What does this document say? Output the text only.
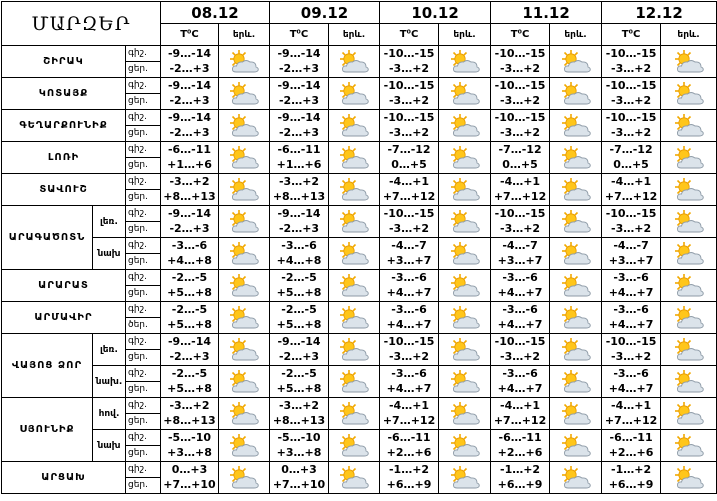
ՄԱՐԶԵՐ			08.12		09.12		10.12		11.12		12.12	
			T⁰C	երև.	T⁰C	երև.	T⁰C	երև.	T⁰C	երև.	T⁰C	երև.
ՇԻՐԱԿ		գիշ.	-9…-14		-9…-14		-10…-15		-10…-15		-10…-15	

		ցեր.	-2…+3		-2…+3		-3…+2		-3…+2		-3…+2	
ԿՈՏԱՅՔ		գիշ.	-9…-14		-9…-14		-10…-15		-10…-15		-10…-15	

		ցեր.	-2…+3		-2…+3		-3…+2		-3…+2		-3…+2	
ԳԵՂԱՐՔՈՒՆԻՔ		գիշ.	-9…-14		-9…-14		-10…-15		-10…-15		-10…-15	

		ցեր.	-2…+3		-2…+3		-3…+2		-3…+2		-3…+2	
ԼՈՌԻ		գիշ.	-6…-11		-6…-11		-7…-12		-7…-12		-7…-12	

		ցեր.	+1…+6		+1…+6		0…+5		0…+5		0…+5	
ՏԱՎՈՒՇ		գիշ.	-3…+2		-3…+2		-4…+1		-4…+1		-4…+1	

		ցեր.	+8…+13		+8…+13		+7…+12		+7…+12		+7…+12	
ԱՐԱԳԱԾՈՏՆ	լեռ.	գիշ.	-9…-14		-9…-14		-10…-15		-10…-15		-10…-15	

		ցեր.	-2…+3		-2…+3		-3…+2		-3…+2		-3…+2	
	նախ	գիշ.	-3…-6		-3…-6		-4…-7		-4…-7		-4…-7	

		ցեր.	+4…+8		+4…+8		+3…+7		+3…+7		+3…+7	
ԱՐԱՐԱՏ		գիշ.	-2…-5		-2…-5		-3…-6		-3…-6		-3…-6	

		ցեր.	+5…+8		+5…+8		+4…+7		+4…+7		+4…+7	
ԱՐՄԱՎԻՐ		գիշ.	-2…-5		-2…-5		-3…-6		-3…-6		-3…-6	

		ծեր.	+5…+8		+5…+8		+4…+7		+4…+7		+4…+7	
ՎԱՅՈՑ ՁՈՐ	լեռ.	գիշ.	-9…-14		-9…-14		-10…-15		-10…-15		-10…-15	

		ցեր.	-2…+3		-2…+3		-3…+2		-3…+2		-3…+2	
	նախ.	գիշ.	-2…-5		-2…-5		-3…-6		-3…-6		-3…-6	

		ցեր.	+5…+8		+5…+8		+4…+7		+4…+7		+4…+7	
ՍՅՈՒՆԻՔ	հով.	գիշ.	-3…+2		-3…+2		-4…+1		-4…+1		-4…+1	

		ցեր.	+8…+13		+8…+13		+7…+12		+7…+12		+7…+12	
	նախ	գիշ.	-5…-10		-5…-10		-6…-11		-6…-11		-6…-11	

		ցեր.	+3…+8		+3…+8		+2…+6		+2…+6		+2…+6	
ԱՐՑԱԽ		գիշ.	0…+3		0…+3		-1…+2		-1…+2		-1…+2	

		ցեր.	+7…+10		+7…+10		+6…+9		+6…+9		+6…+9	
